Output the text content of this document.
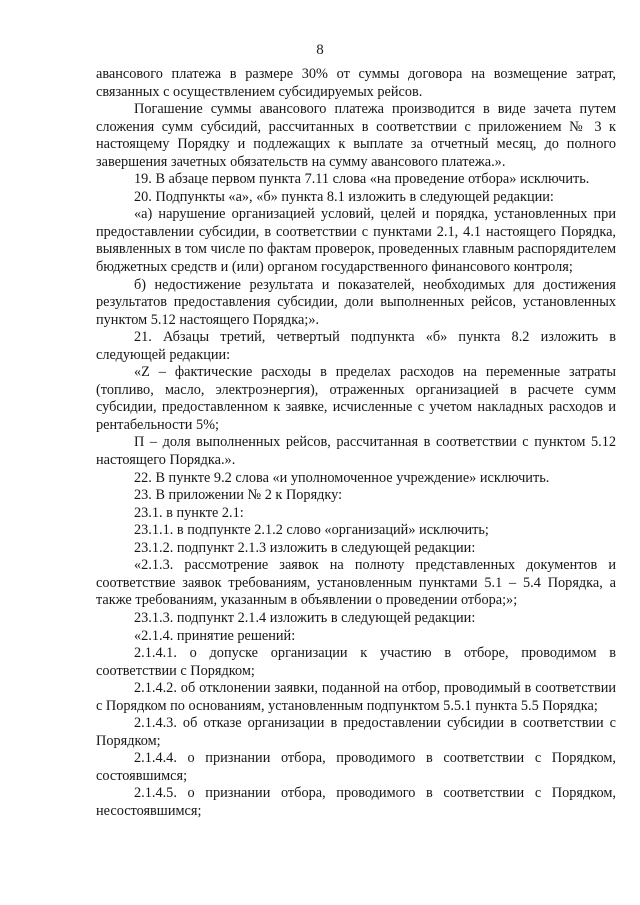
8

авансового платежа в размере 30% от суммы договора на возмещение затрат, связанных с осуществлением субсидируемых рейсов.

Погашение суммы авансового платежа производится в виде зачета путем сложения сумм субсидий, рассчитанных в соответствии с приложением № 3 к настоящему Порядку и подлежащих к выплате за отчетный месяц, до полного завершения зачетных обязательств на сумму авансового платежа.».

19. В абзаце первом пункта 7.11 слова «на проведение отбора» исключить.

20. Подпункты «а», «б» пункта 8.1 изложить в следующей редакции:

«а) нарушение организацией условий, целей и порядка, установленных при предоставлении субсидии, в соответствии с пунктами 2.1, 4.1 настоящего Порядка, выявленных в том числе по фактам проверок, проведенных главным распорядителем бюджетных средств и (или) органом государственного финансового контроля;

б) недостижение результата и показателей, необходимых для достижения результатов предоставления субсидии, доли выполненных рейсов, установленных пунктом 5.12 настоящего Порядка;».

21. Абзацы третий, четвертый подпункта «б» пункта 8.2 изложить в следующей редакции:

«Z – фактические расходы в пределах расходов на переменные затраты (топливо, масло, электроэнергия), отраженных организацией в расчете сумм субсидии, предоставленном к заявке, исчисленные с учетом накладных расходов и рентабельности 5%;

П – доля выполненных рейсов, рассчитанная в соответствии с пунктом 5.12 настоящего Порядка.».

22. В пункте 9.2 слова «и уполномоченное учреждение» исключить.

23. В приложении № 2 к Порядку:

23.1. в пункте 2.1:

23.1.1. в подпункте 2.1.2 слово «организаций» исключить;

23.1.2. подпункт 2.1.3 изложить в следующей редакции:

«2.1.3. рассмотрение заявок на полноту представленных документов и соответствие заявок требованиям, установленным пунктами 5.1 – 5.4 Порядка, а также требованиям, указанным в объявлении о проведении отбора;»;

23.1.3. подпункт 2.1.4 изложить в следующей редакции:

«2.1.4. принятие решений:

2.1.4.1. о допуске организации к участию в отборе, проводимом в соответствии с Порядком;

2.1.4.2. об отклонении заявки, поданной на отбор, проводимый в соответствии с Порядком по основаниям, установленным подпунктом 5.5.1 пункта 5.5 Порядка;

2.1.4.3. об отказе организации в предоставлении субсидии в соответствии с Порядком;

2.1.4.4. о признании отбора, проводимого в соответствии с Порядком, состоявшимся;

2.1.4.5. о признании отбора, проводимого в соответствии с Порядком, несостоявшимся;
